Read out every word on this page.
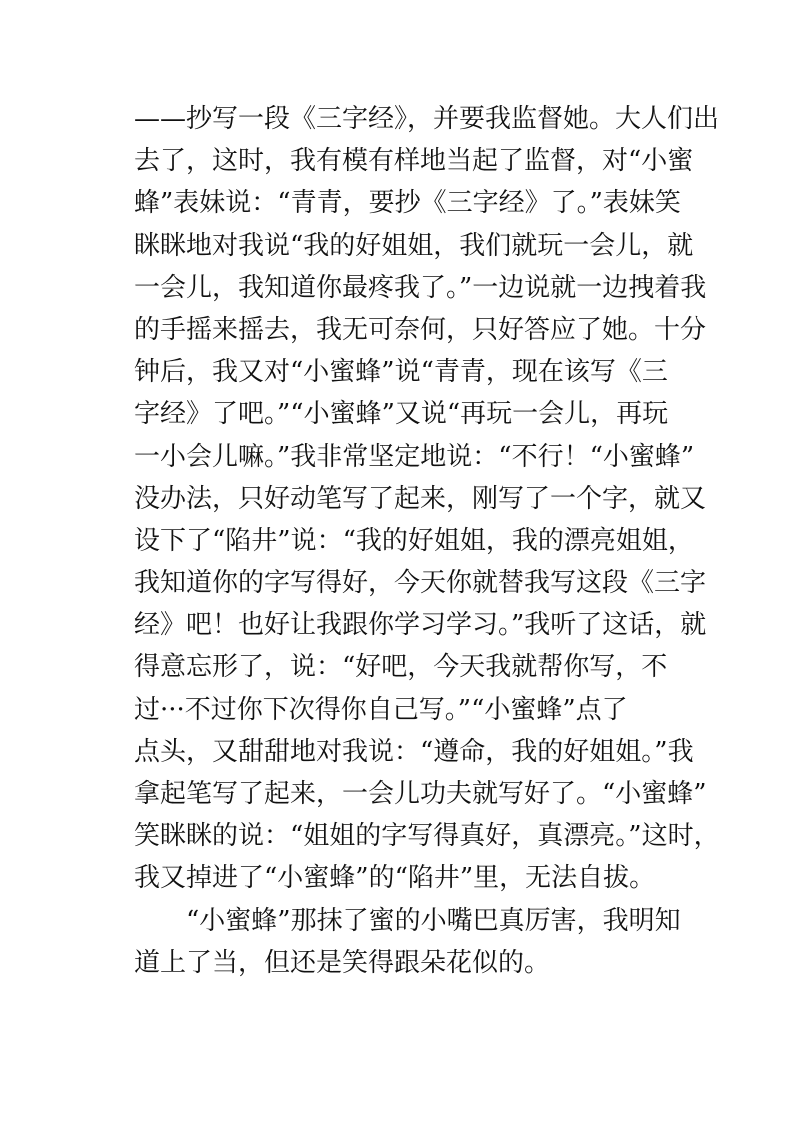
——抄写一段《三字经》，并要我监督她。大人们出
去了，这时，我有模有样地当起了监督，对“小蜜
蜂”表妹说：“青青，要抄《三字经》了。”表妹笑
眯眯地对我说“我的好姐姐，我们就玩一会儿，就
一会儿，我知道你最疼我了。”一边说就一边拽着我
的手摇来摇去，我无可奈何，只好答应了她。十分
钟后，我又对“小蜜蜂”说“青青，现在该写《三
字经》了吧。”“小蜜蜂”又说“再玩一会儿，再玩
一小会儿嘛。”我非常坚定地说：“不行！“小蜜蜂”
没办法，只好动笔写了起来，刚写了一个字，就又
设下了“陷井”说：“我的好姐姐，我的漂亮姐姐，
我知道你的字写得好，今天你就替我写这段《三字
经》吧！也好让我跟你学习学习。”我听了这话，就
得意忘形了，说：“好吧，今天我就帮你写，不
过···不过你下次得你自己写。”“小蜜蜂”点了
点头，又甜甜地对我说：“遵命，我的好姐姐。”我
拿起笔写了起来，一会儿功夫就写好了。“小蜜蜂”
笑眯眯的说：“姐姐的字写得真好，真漂亮。”这时，
我又掉进了“小蜜蜂”的“陷井”里，无法自拔。
“小蜜蜂”那抹了蜜的小嘴巴真厉害，我明知
道上了当，但还是笑得跟朵花似的。
